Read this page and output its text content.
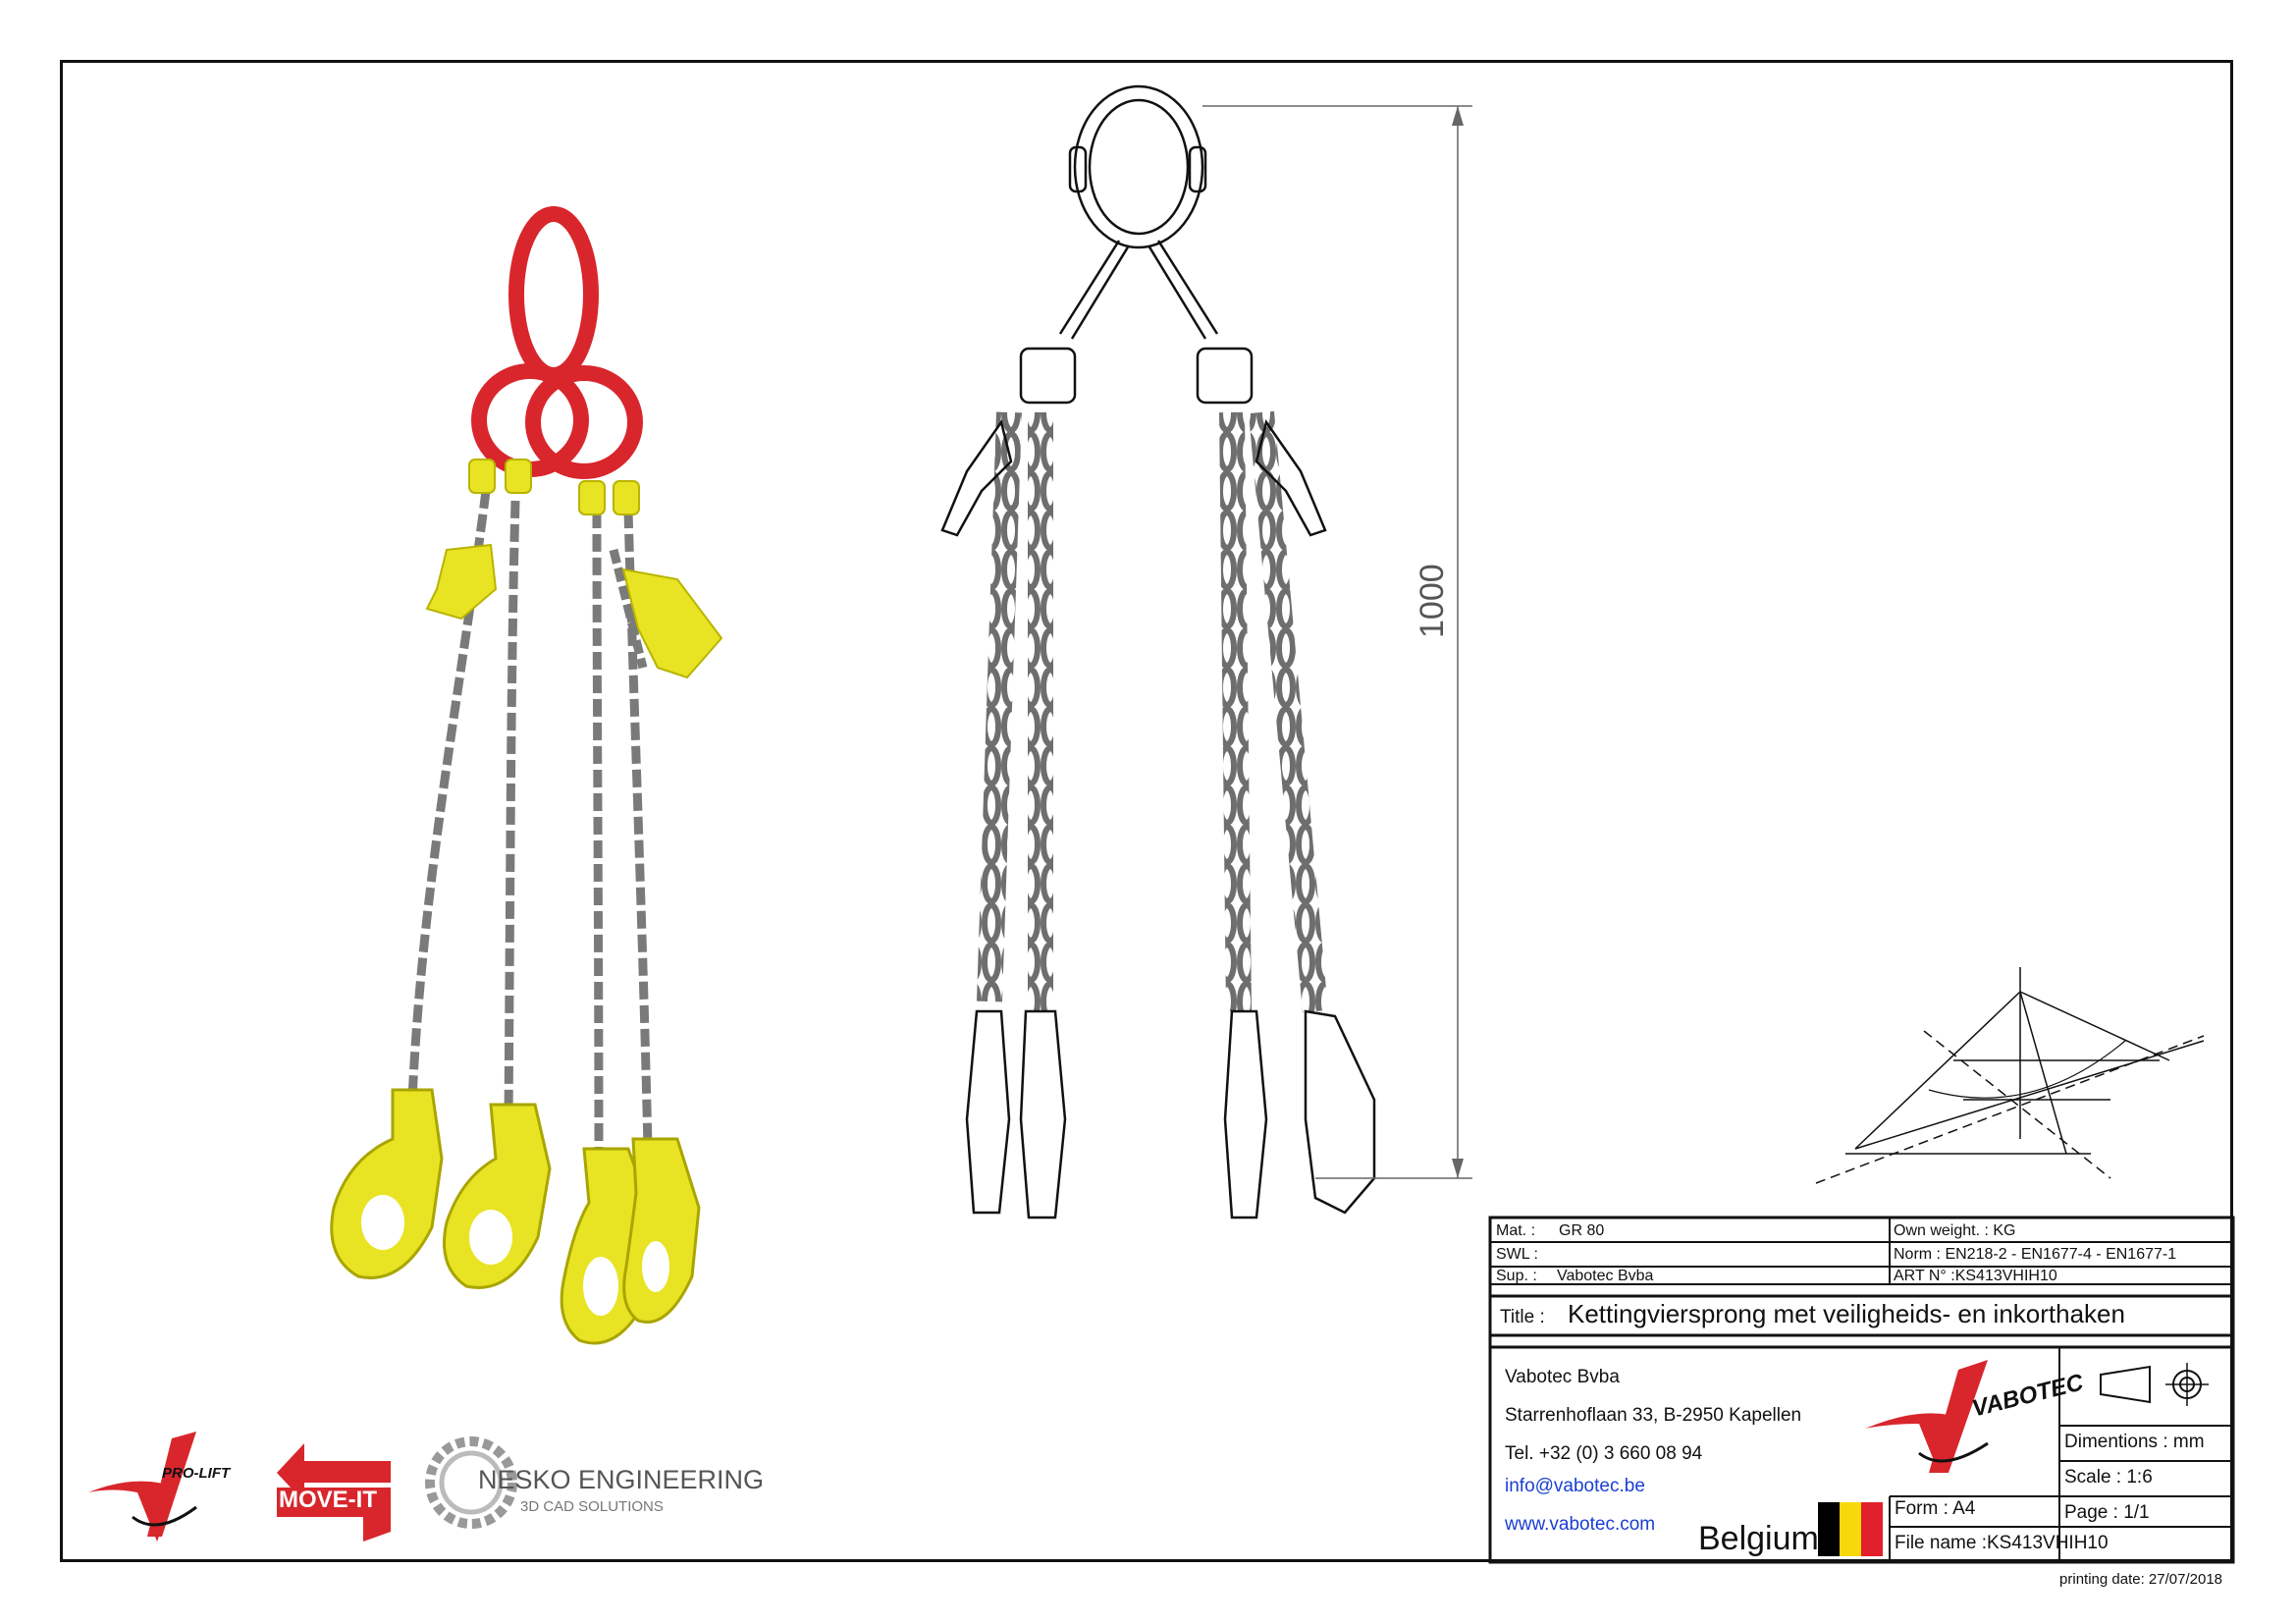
1000
Mat. : GR 80
SWL :
Sup. : Vabotec Bvba
Own weight. : KG
Norm : EN218-2 - EN1677-4 - EN1677-1
ART N° :KS413VHIH10
Title : Kettingviersprong met veiligheids- en inkorthaken
Vabotec Bvba
Starrenhoflaan 33, B-2950 Kapellen
Tel. +32 (0) 3 660 08 94
info@vabotec.be
www.vabotec.com Belgium
VABOTEC
Dimentions : mm
Scale : 1:6
Form : A4	Page : 1/1
File name :KS413VHIH10
printing date: 27/07/2018
PRO-LIFT
MOVE-IT
NESKO ENGINEERING
3D CAD SOLUTIONS
